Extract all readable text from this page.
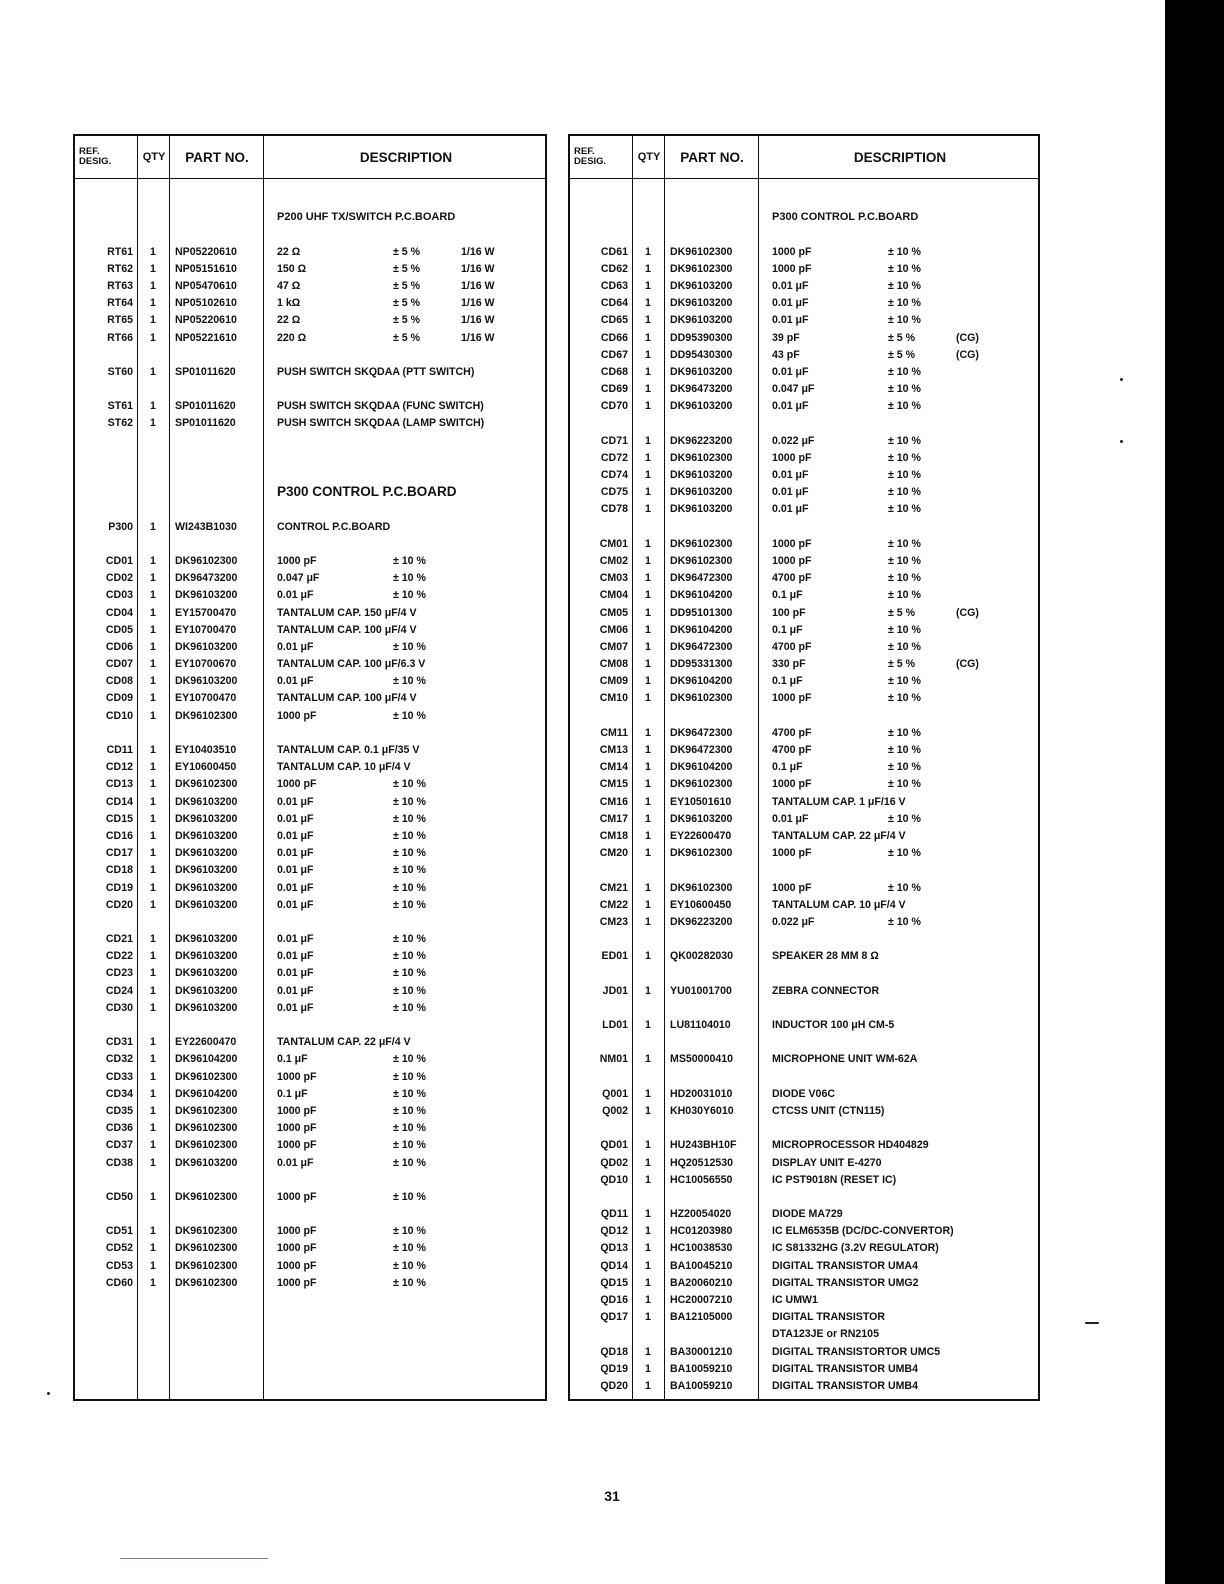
REF.
DESIG.	QTY	PART NO.	DESCRIPTION
P200 UHF TX/SWITCH P.C.BOARD
RT61	1	NP05220610	22 Ω	± 5 %	1/16 W
RT62	1	NP05151610	150 Ω	± 5 %	1/16 W
RT63	1	NP05470610	47 Ω	± 5 %	1/16 W
RT64	1	NP05102610	1 kΩ	± 5 %	1/16 W
RT65	1	NP05220610	22 Ω	± 5 %	1/16 W
RT66	1	NP05221610	220 Ω	± 5 %	1/16 W
ST60	1	SP01011620	PUSH SWITCH SKQDAA (PTT SWITCH)
ST61	1	SP01011620	PUSH SWITCH SKQDAA (FUNC SWITCH)
ST62	1	SP01011620	PUSH SWITCH SKQDAA (LAMP SWITCH)
P300 CONTROL P.C.BOARD
P300	1	WI243B1030	CONTROL P.C.BOARD
CD01	1	DK96102300	1000 pF	± 10 %
CD02	1	DK96473200	0.047 μF	± 10 %
CD03	1	DK96103200	0.01 μF	± 10 %
CD04	1	EY15700470	TANTALUM CAP. 150 μF/4 V
CD05	1	EY10700470	TANTALUM CAP. 100 μF/4 V
CD06	1	DK96103200	0.01 μF	± 10 %
CD07	1	EY10700670	TANTALUM CAP. 100 μF/6.3 V
CD08	1	DK96103200	0.01 μF	± 10 %
CD09	1	EY10700470	TANTALUM CAP. 100 μF/4 V
CD10	1	DK96102300	1000 pF	± 10 %
CD11	1	EY10403510	TANTALUM CAP. 0.1 μF/35 V
CD12	1	EY10600450	TANTALUM CAP. 10 μF/4 V
CD13	1	DK96102300	1000 pF	± 10 %
CD14	1	DK96103200	0.01 μF	± 10 %
CD15	1	DK96103200	0.01 μF	± 10 %
CD16	1	DK96103200	0.01 μF	± 10 %
CD17	1	DK96103200	0.01 μF	± 10 %
CD18	1	DK96103200	0.01 μF	± 10 %
CD19	1	DK96103200	0.01 μF	± 10 %
CD20	1	DK96103200	0.01 μF	± 10 %
CD21	1	DK96103200	0.01 μF	± 10 %
CD22	1	DK96103200	0.01 μF	± 10 %
CD23	1	DK96103200	0.01 μF	± 10 %
CD24	1	DK96103200	0.01 μF	± 10 %
CD30	1	DK96103200	0.01 μF	± 10 %
CD31	1	EY22600470	TANTALUM CAP. 22 μF/4 V
CD32	1	DK96104200	0.1 μF	± 10 %
CD33	1	DK96102300	1000 pF	± 10 %
CD34	1	DK96104200	0.1 μF	± 10 %
CD35	1	DK96102300	1000 pF	± 10 %
CD36	1	DK96102300	1000 pF	± 10 %
CD37	1	DK96102300	1000 pF	± 10 %
CD38	1	DK96103200	0.01 μF	± 10 %
CD50	1	DK96102300	1000 pF	± 10 %
CD51	1	DK96102300	1000 pF	± 10 %
CD52	1	DK96102300	1000 pF	± 10 %
CD53	1	DK96102300	1000 pF	± 10 %
CD60	1	DK96102300	1000 pF	± 10 %
REF.
DESIG.	QTY	PART NO.	DESCRIPTION
P300 CONTROL P.C.BOARD
CD61	1	DK96102300	1000 pF	± 10 %
CD62	1	DK96102300	1000 pF	± 10 %
CD63	1	DK96103200	0.01 μF	± 10 %
CD64	1	DK96103200	0.01 μF	± 10 %
CD65	1	DK96103200	0.01 μF	± 10 %
CD66	1	DD95390300	39 pF	± 5 %	(CG)
CD67	1	DD95430300	43 pF	± 5 %	(CG)
CD68	1	DK96103200	0.01 μF	± 10 %
CD69	1	DK96473200	0.047 μF	± 10 %
CD70	1	DK96103200	0.01 μF	± 10 %
CD71	1	DK96223200	0.022 μF	± 10 %
CD72	1	DK96102300	1000 pF	± 10 %
CD74	1	DK96103200	0.01 μF	± 10 %
CD75	1	DK96103200	0.01 μF	± 10 %
CD78	1	DK96103200	0.01 μF	± 10 %
CM01	1	DK96102300	1000 pF	± 10 %
CM02	1	DK96102300	1000 pF	± 10 %
CM03	1	DK96472300	4700 pF	± 10 %
CM04	1	DK96104200	0.1 μF	± 10 %
CM05	1	DD95101300	100 pF	± 5 %	(CG)
CM06	1	DK96104200	0.1 μF	± 10 %
CM07	1	DK96472300	4700 pF	± 10 %
CM08	1	DD95331300	330 pF	± 5 %	(CG)
CM09	1	DK96104200	0.1 μF	± 10 %
CM10	1	DK96102300	1000 pF	± 10 %
CM11	1	DK96472300	4700 pF	± 10 %
CM13	1	DK96472300	4700 pF	± 10 %
CM14	1	DK96104200	0.1 μF	± 10 %
CM15	1	DK96102300	1000 pF	± 10 %
CM16	1	EY10501610	TANTALUM CAP. 1 μF/16 V
CM17	1	DK96103200	0.01 μF	± 10 %
CM18	1	EY22600470	TANTALUM CAP. 22 μF/4 V
CM20	1	DK96102300	1000 pF	± 10 %
CM21	1	DK96102300	1000 pF	± 10 %
CM22	1	EY10600450	TANTALUM CAP. 10 μF/4 V
CM23	1	DK96223200	0.022 μF	± 10 %
ED01	1	QK00282030	SPEAKER 28 MM 8 Ω
JD01	1	YU01001700	ZEBRA CONNECTOR
LD01	1	LU81104010	INDUCTOR 100 μH CM-5
NM01	1	MS50000410	MICROPHONE UNIT WM-62A
Q001	1	HD20031010	DIODE V06C
Q002	1	KH030Y6010	CTCSS UNIT (CTN115)
QD01	1	HU243BH10F	MICROPROCESSOR HD404829
QD02	1	HQ20512530	DISPLAY UNIT E-4270
QD10	1	HC10056550	IC PST9018N (RESET IC)
QD11	1	HZ20054020	DIODE MA729
QD12	1	HC01203980	IC ELM6535B (DC/DC-CONVERTOR)
QD13	1	HC10038530	IC S81332HG (3.2V REGULATOR)
QD14	1	BA10045210	DIGITAL TRANSISTOR UMA4
QD15	1	BA20060210	DIGITAL TRANSISTOR UMG2
QD16	1	HC20007210	IC UMW1
QD17	1	BA12105000	DIGITAL TRANSISTOR
DTA123JE or RN2105
QD18	1	BA30001210	DIGITAL TRANSISTORTOR UMC5
QD19	1	BA10059210	DIGITAL TRANSISTOR UMB4
QD20	1	BA10059210	DIGITAL TRANSISTOR UMB4
31
